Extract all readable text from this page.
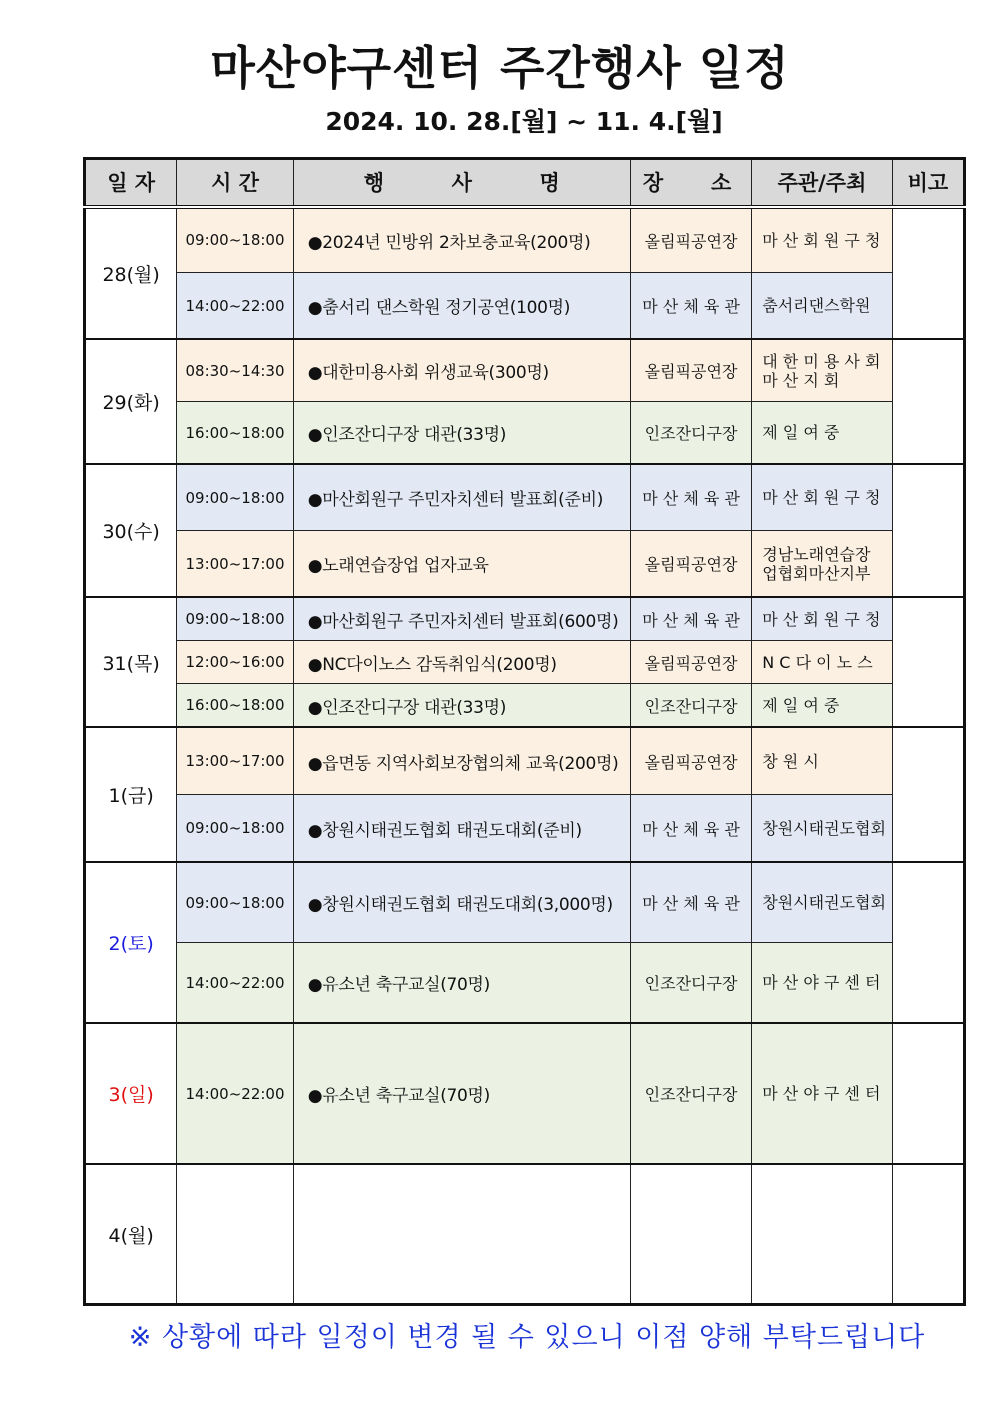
마산야구센터 주간행사 일정
2024. 10. 28.[월] ~ 11. 4.[월]
일 자	시 간	행 사 명	장 소	주관/주최	비고
28(월)	09:00~18:00	●2024년 민방위 2차보충교육(200명)	올림픽공연장	마 산 회 원 구 청	
	14:00~22:00	●춤서리 댄스학원 정기공연(100명)	마 산 체 육 관	춤서리댄스학원	
29(화)	08:30~14:30	●대한미용사회 위생교육(300명)	올림픽공연장	대 한 미 용 사 회
마 산 지 회	

	16:00~18:00	●인조잔디구장 대관(33명)	인조잔디구장	제 일 여 중	
30(수)	09:00~18:00	●마산회원구 주민자치센터 발표회(준비)	마 산 체 육 관	마 산 회 원 구 청	
	13:00~17:00	●노래연습장업 업자교육	올림픽공연장	경남노래연습장
업협회마산지부	

31(목)	09:00~18:00	●마산회원구 주민자치센터 발표회(600명)	마 산 체 육 관	마 산 회 원 구 청	
	12:00~16:00	●NC다이노스 감독취임식(200명)	올림픽공연장	N C 다 이 노 스	
	16:00~18:00	●인조잔디구장 대관(33명)	인조잔디구장	제 일 여 중	
1(금)	13:00~17:00	●읍면동 지역사회보장협의체 교육(200명)	올림픽공연장	창 원 시	
	09:00~18:00	●창원시태권도협회 태권도대회(준비)	마 산 체 육 관	창원시태권도협회	
2(토)	09:00~18:00	●창원시태권도협회 태권도대회(3,000명)	마 산 체 육 관	창원시태권도협회	
	14:00~22:00	●유소년 축구교실(70명)	인조잔디구장	마 산 야 구 센 터	
3(일)	14:00~22:00	●유소년 축구교실(70명)	인조잔디구장	마 산 야 구 센 터	
4(월)					
※ 상황에 따라 일정이 변경 될 수 있으니 이점 양해 부탁드립니다
